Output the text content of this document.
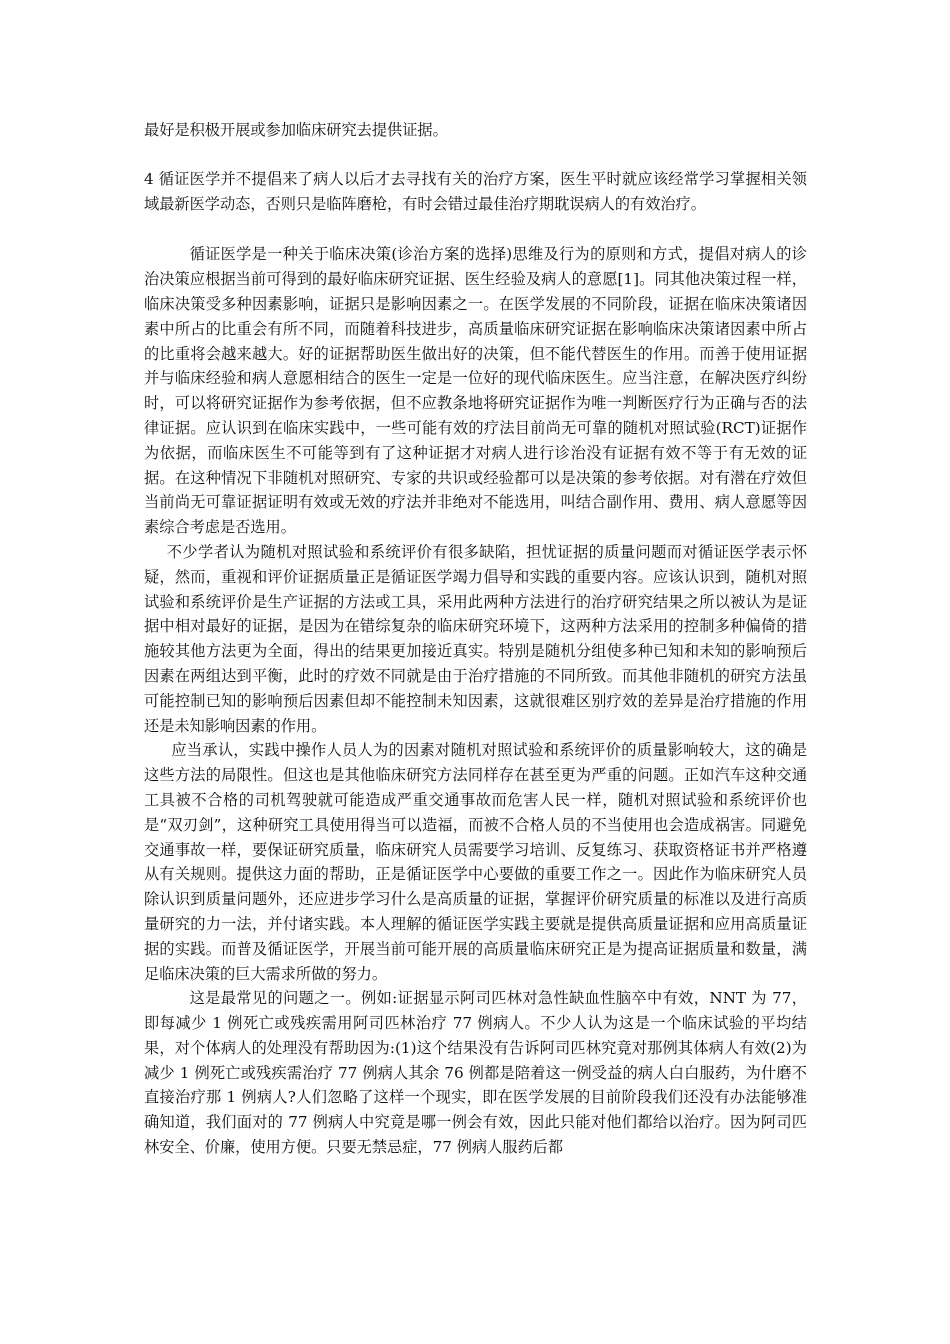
最好是积极开展或参加临床研究去提供证据。

4 循证医学并不提倡来了病人以后才去寻找有关的治疗方案，医生平时就应该经常学习掌握相关领域最新医学动态，否则只是临阵磨枪，有时会错过最佳治疗期耽误病人的有效治疗。

循证医学是一种关于临床决策(诊治方案的选择)思维及行为的原则和方式，提倡对病人的诊治决策应根据当前可得到的最好临床研究证据、医生经验及病人的意愿[1]。同其他决策过程一样，临床决策受多种因素影响，证据只是影响因素之一。在医学发展的不同阶段，证据在临床决策诸因素中所占的比重会有所不同，而随着科技进步，高质量临床研究证据在影响临床决策诸因素中所占的比重将会越来越大。好的证据帮助医生做出好的决策，但不能代替医生的作用。而善于使用证据并与临床经验和病人意愿相结合的医生一定是一位好的现代临床医生。应当注意，在解决医疗纠纷时，可以将研究证据作为参考依据，但不应教条地将研究证据作为唯一判断医疗行为正确与否的法律证据。应认识到在临床实践中，一些可能有效的疗法目前尚无可靠的随机对照试验(RCT)证据作为依据，而临床医生不可能等到有了这种证据才对病人进行诊治没有证据有效不等于有无效的证据。在这种情况下非随机对照研究、专家的共识或经验都可以是决策的参考依据。对有潜在疗效但当前尚无可靠证据证明有效或无效的疗法并非绝对不能选用，叫结合副作用、费用、病人意愿等因素综合考虑是否选用。

不少学者认为随机对照试验和系统评价有很多缺陷，担忧证据的质量问题而对循证医学表示怀疑，然而，重视和评价证据质量正是循证医学竭力倡导和实践的重要内容。应该认识到，随机对照试验和系统评价是生产证据的方法或工具，采用此两种方法进行的治疗研究结果之所以被认为是证据中相对最好的证据，是因为在错综复杂的临床研究环境下，这两种方法采用的控制多种偏倚的措施较其他方法更为全面，得出的结果更加接近真实。特别是随机分组使多种已知和未知的影响预后因素在两组达到平衡，此时的疗效不同就是由于治疗措施的不同所致。而其他非随机的研究方法虽可能控制已知的影响预后因素但却不能控制未知因素，这就很难区别疗效的差异是治疗措施的作用还是未知影响因素的作用。

应当承认，实践中操作人员人为的因素对随机对照试验和系统评价的质量影响较大，这的确是这些方法的局限性。但这也是其他临床研究方法同样存在甚至更为严重的问题。正如汽车这种交通工具被不合格的司机驾驶就可能造成严重交通事故而危害人民一样，随机对照试验和系统评价也是“双刃剑”，这种研究工具使用得当可以造福，而被不合格人员的不当使用也会造成祸害。同避免交通事故一样，要保证研究质量，临床研究人员需要学习培训、反复练习、获取资格证书并严格遵从有关规则。提供这力面的帮助，正是循证医学中心要做的重要工作之一。因此作为临床研究人员除认识到质量问题外，还应进步学习什么是高质量的证据，掌握评价研究质量的标准以及进行高质量研究的力一法，并付诸实践。本人理解的循证医学实践主要就是提供高质量证据和应用高质量证据的实践。而普及循证医学，开展当前可能开展的高质量临床研究正是为提高证据质量和数量，满足临床决策的巨大需求所做的努力。

这是最常见的问题之一。例如:证据显示阿司匹林对急性缺血性脑卒中有效，NNT 为 77，即每减少 1 例死亡或残疾需用阿司匹林治疗 77 例病人。不少人认为这是一个临床试验的平均结果，对个体病人的处理没有帮助因为:(1)这个结果没有告诉阿司匹林究竟对那例其体病人有效(2)为减少 1 例死亡或残疾需治疗 77 例病人其余 76 例都是陪着这一例受益的病人白白服药，为什磨不直接治疗那 1 例病人?人们忽略了这样一个现实，即在医学发展的目前阶段我们还没有办法能够准确知道，我们面对的 77 例病人中究竟是哪一例会有效，因此只能对他们都给以治疗。因为阿司匹林安全、价廉，使用方便。只要无禁忌症，77 例病人服药后都
